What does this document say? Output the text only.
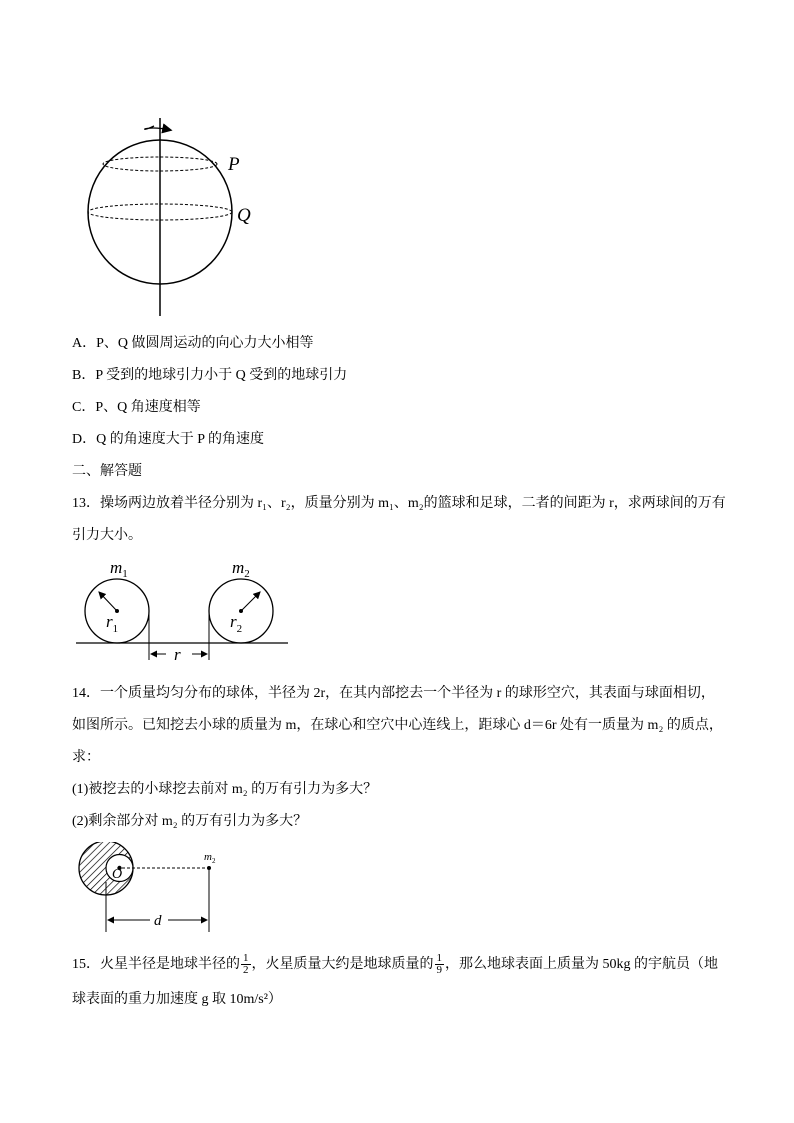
P
Q
A．P、Q 做圆周运动的向心力大小相等
B．P 受到的地球引力小于 Q 受到的地球引力
C．P、Q 角速度相等
D．Q 的角速度大于 P 的角速度
二、解答题
13．操场两边放着半径分别为 r₁、r₂，质量分别为 m₁、m₂的篮球和足球，二者的间距为 r，求两球间的万有
引力大小。
r
$m_1$	$m_2$
$r_1$	$r_2$
14．一个质量均匀分布的球体，半径为 2r，在其内部挖去一个半径为 r 的球形空穴，其表面与球面相切，
如图所示。已知挖去小球的质量为 m，在球心和空穴中心连线上，距球心 d＝6r 处有一质量为 m₂ 的质点，
求：
(1)被挖去的小球挖去前对 m₂ 的万有引力为多大？
(2)剩余部分对 m₂ 的万有引力为多大？
O
$m_2$
d
15．火星半径是地球半径的 $\frac{1}{2}$ ，火星质量大约是地球质量的 $\frac{1}{9}$ ，那么地球表面上质量为 50kg 的宇航员（地
球表面的重力加速度 g 取 10m/s²）
